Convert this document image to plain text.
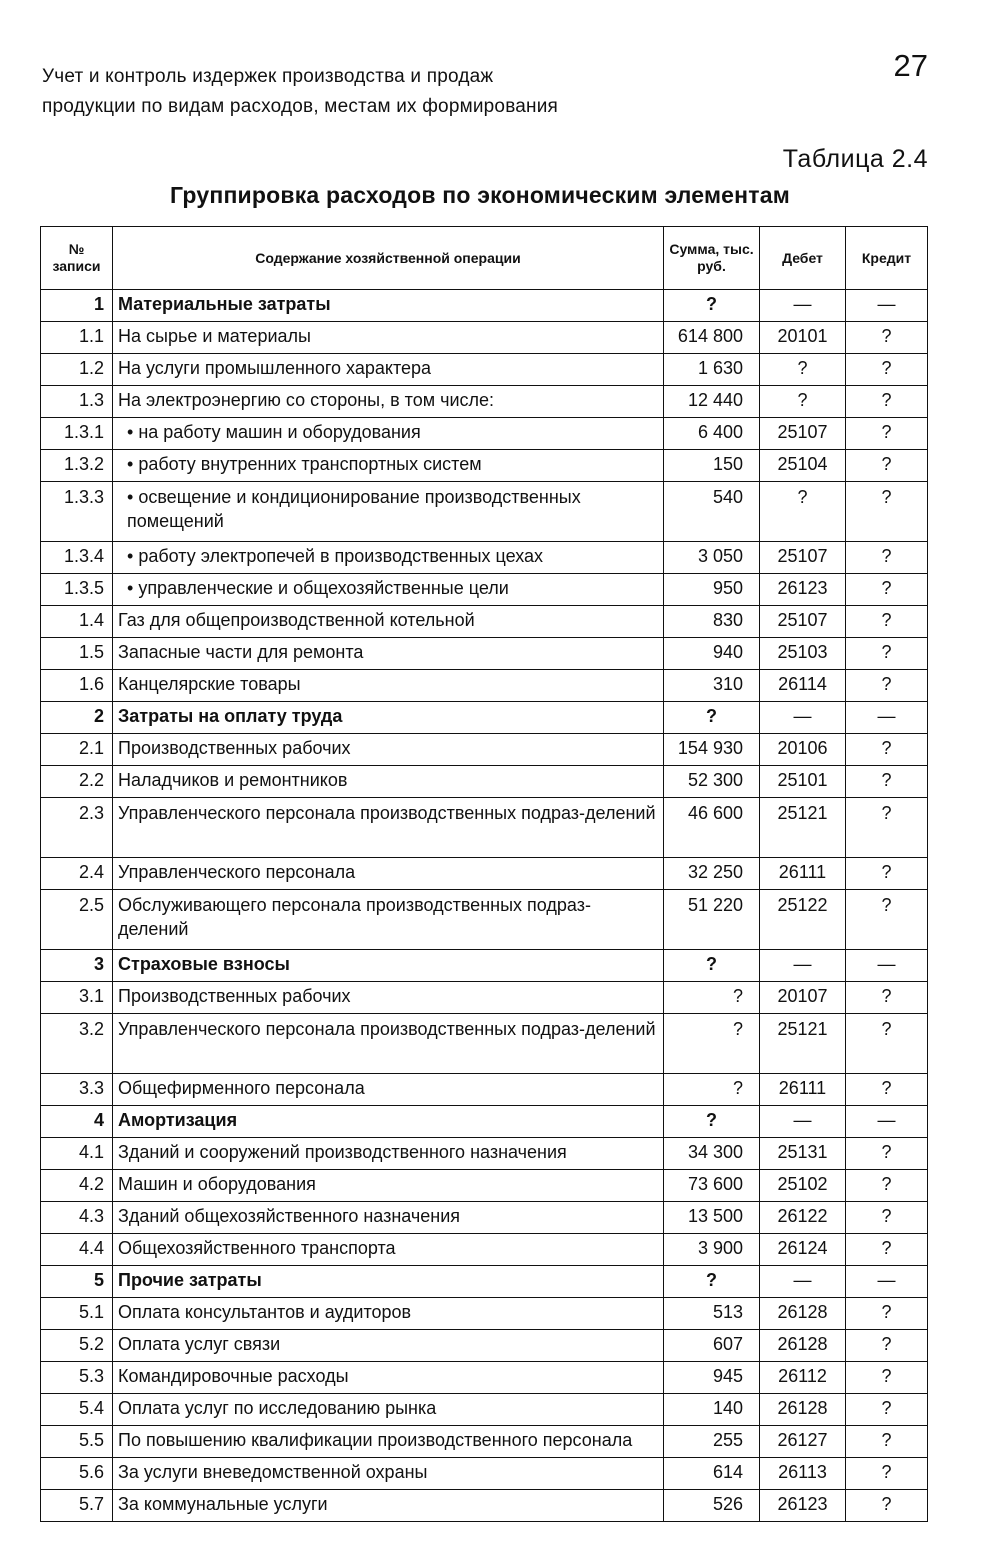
Учет и контроль издержек производства и продаж
продукции по видам расходов, местам их формирования
27
Таблица 2.4
Группировка расходов по экономическим элементам
№ записи	Содержание хозяйственной операции	Сумма, тыс. руб.	Дебет	Кредит
1	Материальные затраты	?	—	—
1.1	На сырье и материалы	614 800	20101	?
1.2	На услуги промышленного характера	1 630	?	?
1.3	На электроэнергию со стороны, в том числе:	12 440	?	?
1.3.1	• на работу машин и оборудования	6 400	25107	?
1.3.2	• работу внутренних транспортных систем	150	25104	?
1.3.3	• освещение и кондиционирование производственных помещений	540	?	?
1.3.4	• работу электропечей в производственных цехах	3 050	25107	?
1.3.5	• управленческие и общехозяйственные цели	950	26123	?
1.4	Газ для общепроизводственной котельной	830	25107	?
1.5	Запасные части для ремонта	940	25103	?
1.6	Канцелярские товары	310	26114	?
2	Затраты на оплату труда	?	—	—
2.1	Производственных рабочих	154 930	20106	?
2.2	Наладчиков и ремонтников	52 300	25101	?
2.3	Управленческого персонала производственных подраз-делений	46 600	25121	?
2.4	Управленческого персонала	32 250	26111	?
2.5	Обслуживающего персонала производственных подраз-делений	51 220	25122	?
3	Страховые взносы	?	—	—
3.1	Производственных рабочих	?	20107	?
3.2	Управленческого персонала производственных подраз-делений	?	25121	?
3.3	Общефирменного персонала	?	26111	?
4	Амортизация	?	—	—
4.1	Зданий и сооружений производственного назначения	34 300	25131	?
4.2	Машин и оборудования	73 600	25102	?
4.3	Зданий общехозяйственного назначения	13 500	26122	?
4.4	Общехозяйственного транспорта	3 900	26124	?
5	Прочие затраты	?	—	—
5.1	Оплата консультантов и аудиторов	513	26128	?
5.2	Оплата услуг связи	607	26128	?
5.3	Командировочные расходы	945	26112	?
5.4	Оплата услуг по исследованию рынка	140	26128	?
5.5	По повышению квалификации производственного персонала	255	26127	?
5.6	За услуги вневедомственной охраны	614	26113	?
5.7	За коммунальные услуги	526	26123	?
